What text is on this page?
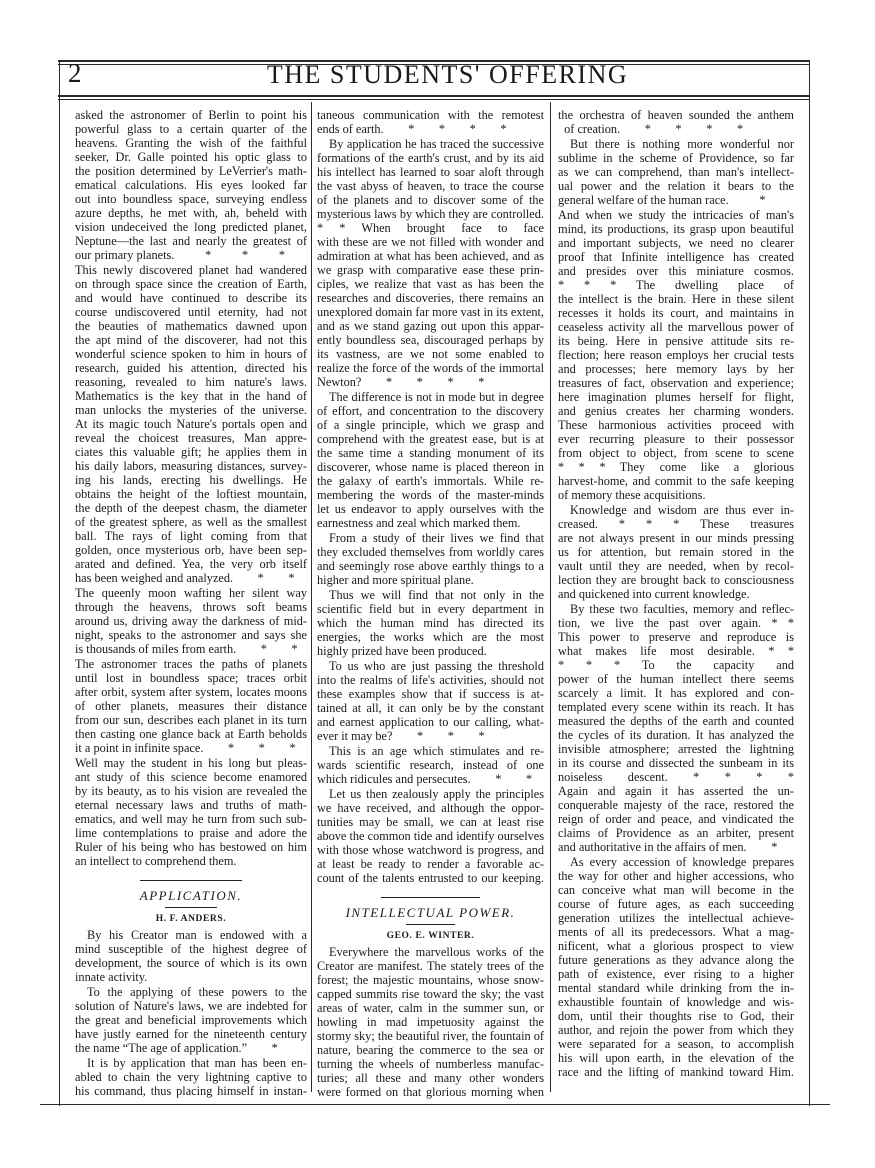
2	THE STUDENTS' OFFERING
asked the astronomer of Berlin to point his
powerful glass to a certain quarter of the
heavens. Granting the wish of the faithful
seeker, Dr. Galle pointed his optic glass to
the position determined by LeVerrier's math-
ematical calculations. His eyes looked far
out into boundless space, surveying endless
azure depths, he met with, ah, beheld with
vision undeceived the long predicted planet,
Neptune—the last and nearly the greatest of
our primary planets.          *          *          *
This newly discovered planet had wandered
on through space since the creation of Earth,
and would have continued to describe its
course undiscovered until eternity, had not
the beauties of mathematics dawned upon
the apt mind of the discoverer, had not this
wonderful science spoken to him in hours of
research, guided his attention, directed his
reasoning, revealed to him nature's laws.
Mathematics is the key that in the hand of
man unlocks the mysteries of the universe.
At its magic touch Nature's portals open and
reveal the choicest treasures, Man appre-
ciates this valuable gift; he applies them in
his daily labors, measuring distances, survey-
ing his lands, erecting his dwellings. He
obtains the height of the loftiest mountain,
the depth of the deepest chasm, the diameter
of the greatest sphere, as well as the smallest
ball. The rays of light coming from that
golden, once mysterious orb, have been sep-
arated and defined. Yea, the very orb itself
has been weighed and analyzed.        *        *
The queenly moon wafting her silent way
through the heavens, throws soft beams
around us, driving away the darkness of mid-
night, speaks to the astronomer and says she
is thousands of miles from earth.        *        *
The astronomer traces the paths of planets
until lost in boundless space; traces orbit
after orbit, system after system, locates moons
of other planets, measures their distance
from our sun, describes each planet in its turn
then casting one glance back at Earth beholds
it a point in infinite space.        *        *        *
Well may the student in his long but pleas-
ant study of this science become enamored
by its beauty, as to his vision are revealed the
eternal necessary laws and truths of math-
ematics, and well may he turn from such sub-
lime contemplations to praise and adore the
Ruler of his being who has bestowed on him
an intellect to comprehend them.
APPLICATION.
H. F. ANDERS.
By his Creator man is endowed with a
mind susceptible of the highest degree of
development, the source of which is its own
innate activity.
To the applying of these powers to the
solution of Nature's laws, we are indebted for
the great and beneficial improvements which
have justly earned for the nineteenth century
the name “The age of application.”        *
It is by application that man has been en-
abled to chain the very lightning captive to
his command, thus placing himself in instan-
taneous communication with the remotest
ends of earth.        *        *        *        *
By application he has traced the successive
formations of the earth's crust, and by its aid
his intellect has learned to soar aloft through
the vast abyss of heaven, to trace the course
of the planets and to discover some of the
mysterious laws by which they are controlled.
* * When brought face to face
with these are we not filled with wonder and
admiration at what has been achieved, and as
we grasp with comparative ease these prin-
ciples, we realize that vast as has been the
researches and discoveries, there remains an
unexplored domain far more vast in its extent,
and as we stand gazing out upon this appar-
ently boundless sea, discouraged perhaps by
its vastness, are we not some enabled to
realize the force of the words of the immortal
Newton?        *        *        *        *
The difference is not in mode but in degree
of effort, and concentration to the discovery
of a single principle, which we grasp and
comprehend with the greatest ease, but is at
the same time a standing monument of its
discoverer, whose name is placed thereon in
the galaxy of earth's immortals. While re-
membering the words of the master-minds
let us endeavor to apply ourselves with the
earnestness and zeal which marked them.
From a study of their lives we find that
they excluded themselves from worldly cares
and seemingly rose above earthly things to a
higher and more spiritual plane.
Thus we will find that not only in the
scientific field but in every department in
which the human mind has directed its
energies, the works which are the most
highly prized have been produced.
To us who are just passing the threshold
into the realms of life's activities, should not
these examples show that if success is at-
tained at all, it can only be by the constant
and earnest application to our calling, what-
ever it may be?        *        *        *
This is an age which stimulates and re-
wards scientific research, instead of one
which ridicules and persecutes.        *        *
Let us then zealously apply the principles
we have received, and although the oppor-
tunities may be small, we can at least rise
above the common tide and identify ourselves
with those whose watchword is progress, and
at least be ready to render a favorable ac-
count of the talents entrusted to our keeping.
INTELLECTUAL POWER.
GEO. E. WINTER.
Everywhere the marvellous works of the
Creator are manifest. The stately trees of the
forest; the majestic mountains, whose snow-
capped summits rise toward the sky; the vast
areas of water, calm in the summer sun, or
howling in mad impetuosity against the
stormy sky; the beautiful river, the fountain of
nature, bearing the commerce to the sea or
turning the wheels of numberless manufac-
turies; all these and many other wonders
were formed on that glorious morning when
the orchestra of heaven sounded the anthem
of creation.        *        *        *        *
But there is nothing more wonderful nor
sublime in the scheme of Providence, so far
as we can comprehend, than man's intellect-
ual power and the relation it bears to the
general welfare of the human race.          *
And when we study the intricacies of man's
mind, its productions, its grasp upon beautiful
and important subjects, we need no clearer
proof that Infinite intelligence has created
and presides over this miniature cosmos.
* * * The dwelling place of
the intellect is the brain. Here in these silent
recesses it holds its court, and maintains in
ceaseless activity all the marvellous power of
its being. Here in pensive attitude sits re-
flection; here reason employs her crucial tests
and processes; here memory lays by her
treasures of fact, observation and experience;
here imagination plumes herself for flight,
and genius creates her charming wonders.
These harmonious activities proceed with
ever recurring pleasure to their possessor
from object to object, from scene to scene
* * * They come like a glorious
harvest-home, and commit to the safe keeping
of memory these acquisitions.
Knowledge and wisdom are thus ever in-
creased. * * * These treasures
are not always present in our minds pressing
us for attention, but remain stored in the
vault until they are needed, when by recol-
lection they are brought back to consciousness
and quickened into current knowledge.
By these two faculties, memory and reflec-
tion, we live the past over again. * *
This power to preserve and reproduce is
what makes life most desirable. * *
* * * To the capacity and
power of the human intellect there seems
scarcely a limit. It has explored and con-
templated every scene within its reach. It has
measured the depths of the earth and counted
the cycles of its duration. It has analyzed the
invisible atmosphere; arrested the lightning
in its course and dissected the sunbeam in its
noiseless descent. * * * *
Again and again it has asserted the un-
conquerable majesty of the race, restored the
reign of order and peace, and vindicated the
claims of Providence as an arbiter, present
and authoritative in the affairs of men.        *
As every accession of knowledge prepares
the way for other and higher accessions, who
can conceive what man will become in the
course of future ages, as each succeeding
generation utilizes the intellectual achieve-
ments of all its predecessors. What a mag-
nificent, what a glorious prospect to view
future generations as they advance along the
path of existence, ever rising to a higher
mental standard while drinking from the in-
exhaustible fountain of knowledge and wis-
dom, until their thoughts rise to God, their
author, and rejoin the power from which they
were separated for a season, to accomplish
his will upon earth, in the elevation of the
race and the lifting of mankind toward Him.
